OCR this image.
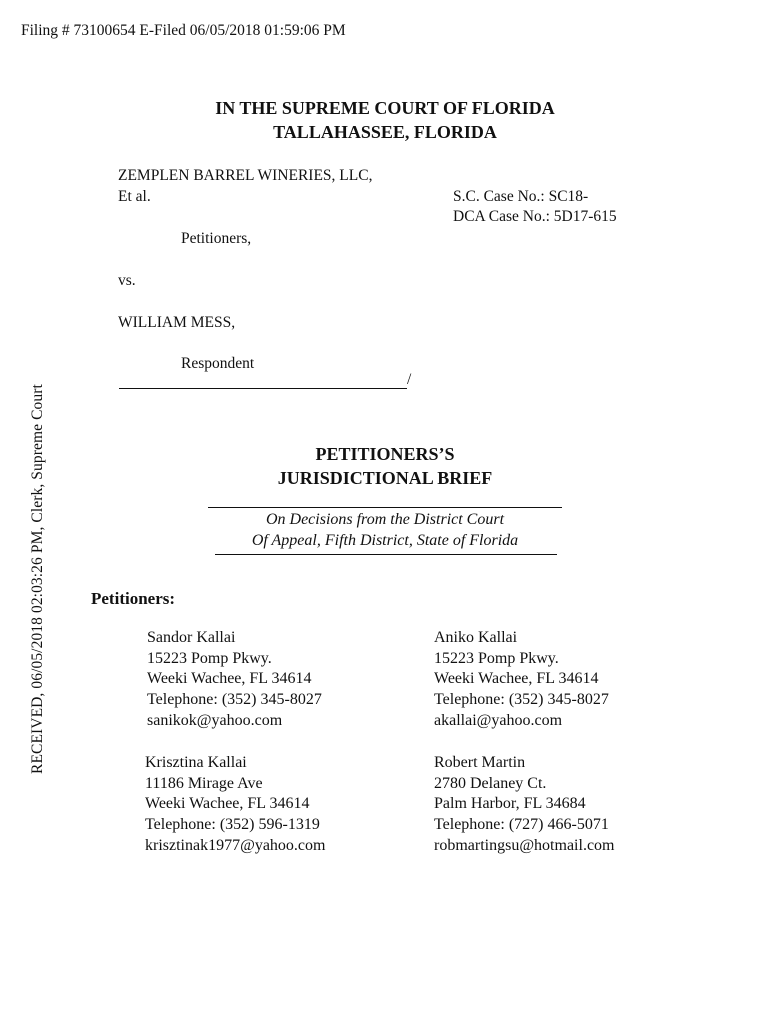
Filing # 73100654 E-Filed 06/05/2018 01:59:06 PM
RECEIVED, 06/05/2018 02:03:26 PM, Clerk, Supreme Court
IN THE SUPREME COURT OF FLORIDA
TALLAHASSEE, FLORIDA
ZEMPLEN BARREL WINERIES, LLC,
Et al.
Petitioners,
vs.
WILLIAM MESS,
Respondent
/
S.C. Case No.: SC18-
DCA Case No.: 5D17-615
PETITIONERS’S
JURISDICTIONAL BRIEF
On Decisions from the District Court
Of Appeal, Fifth District, State of Florida
Petitioners:
Sandor Kallai
15223 Pomp Pkwy.
Weeki Wachee, FL 34614
Telephone: (352) 345-8027
sanikok@yahoo.com
Aniko Kallai
15223 Pomp Pkwy.
Weeki Wachee, FL 34614
Telephone: (352) 345-8027
akallai@yahoo.com
Krisztina Kallai
11186 Mirage Ave
Weeki Wachee, FL 34614
Telephone: (352) 596-1319
krisztinak1977@yahoo.com
Robert Martin
2780 Delaney Ct.
Palm Harbor, FL 34684
Telephone: (727) 466-5071
robmartingsu@hotmail.com
